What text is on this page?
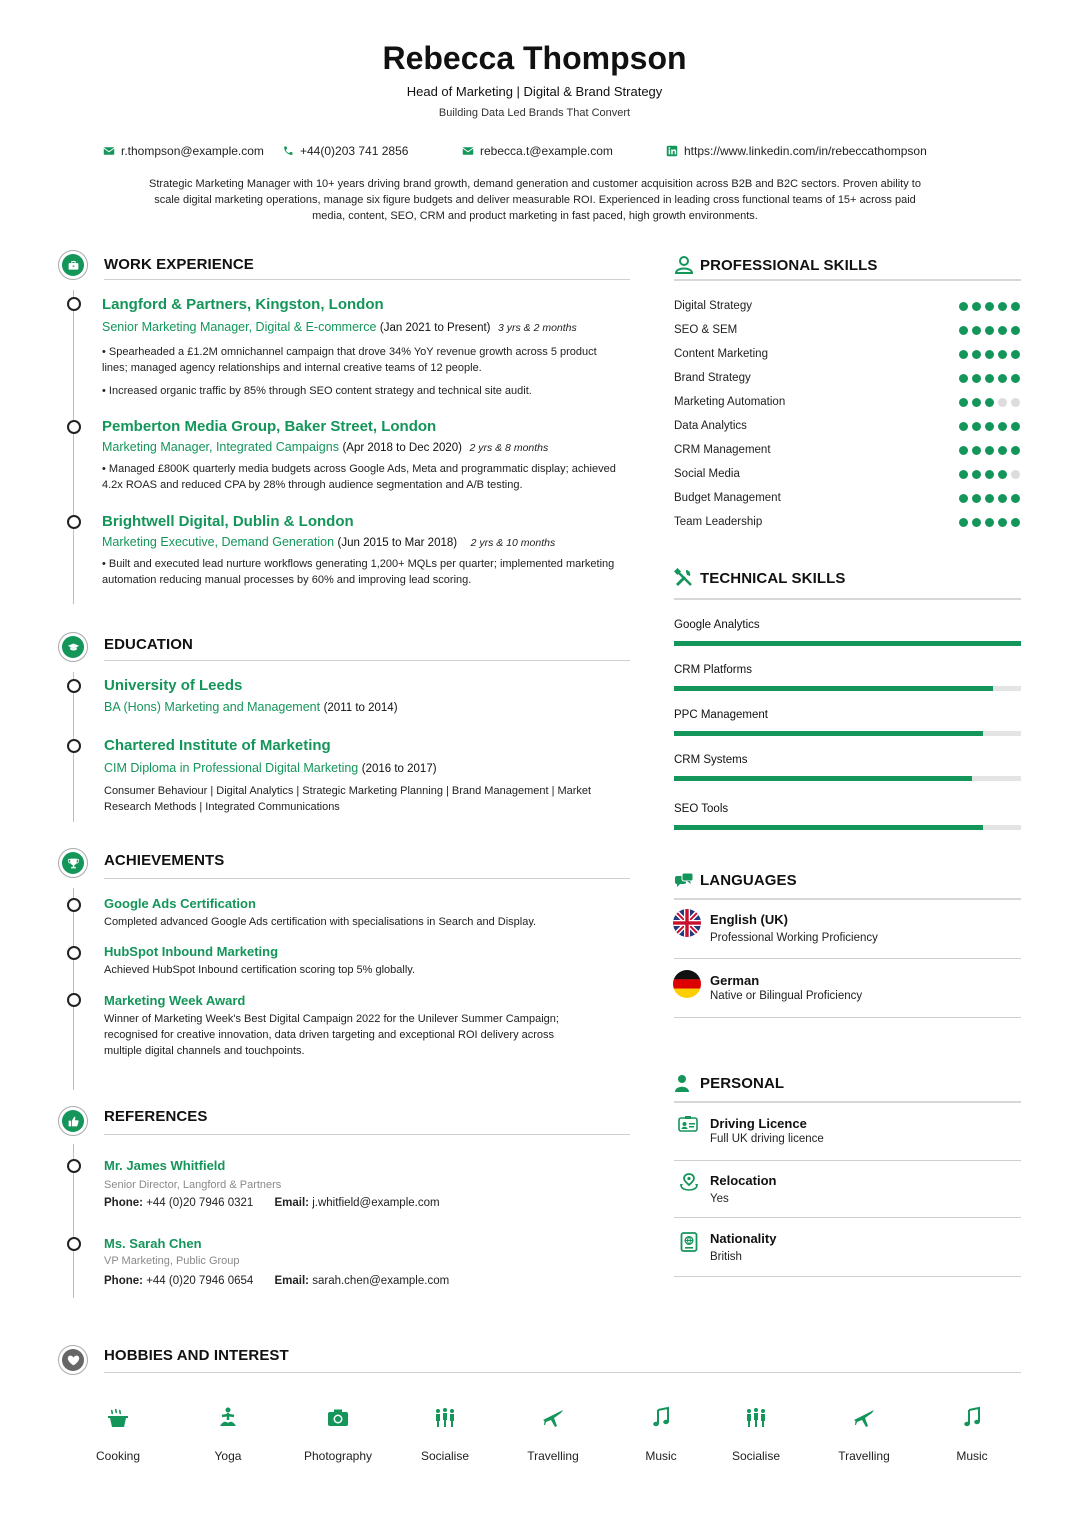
Rebecca Thompson
Head of Marketing | Digital & Brand Strategy
Building Data Led Brands That Convert
r.thompson@example.com	+44(0)203 741 2856	rebecca.t@example.com	https://www.linkedin.com/in/rebeccathompson
Strategic Marketing Manager with 10+ years driving brand growth, demand generation and customer acquisition across B2B and B2C sectors. Proven ability to scale digital marketing operations, manage six figure budgets and deliver measurable ROI. Experienced in leading cross functional teams of 15+ across paid media, content, SEO, CRM and product marketing in fast paced, high growth environments.
WORK EXPERIENCE
Langford & Partners, Kingston, London
Senior Marketing Manager, Digital & E-commerce (Jan 2021 to Present) 3 yrs & 2 months
• Spearheaded a £1.2M omnichannel campaign that drove 34% YoY revenue growth across 5 product lines; managed agency relationships and internal creative teams of 12 people.
• Increased organic traffic by 85% through SEO content strategy and technical site audit.
Pemberton Media Group, Baker Street, London
Marketing Manager, Integrated Campaigns (Apr 2018 to Dec 2020) 2 yrs & 8 months
• Managed £800K quarterly media budgets across Google Ads, Meta and programmatic display; achieved 4.2x ROAS and reduced CPA by 28% through audience segmentation and A/B testing.
Brightwell Digital, Dublin & London
Marketing Executive, Demand Generation (Jun 2015 to Mar 2018) 2 yrs & 10 months
• Built and executed lead nurture workflows generating 1,200+ MQLs per quarter; implemented marketing automation reducing manual processes by 60% and improving lead scoring.
EDUCATION
University of Leeds
BA (Hons) Marketing and Management (2011 to 2014)
Chartered Institute of Marketing
CIM Diploma in Professional Digital Marketing (2016 to 2017)
Consumer Behaviour | Digital Analytics | Strategic Marketing Planning | Brand Management | Market Research Methods | Integrated Communications
ACHIEVEMENTS
Google Ads Certification
Completed advanced Google Ads certification with specialisations in Search and Display.
HubSpot Inbound Marketing
Achieved HubSpot Inbound certification scoring top 5% globally.
Marketing Week Award
Winner of Marketing Week's Best Digital Campaign 2022 for the Unilever Summer Campaign; recognised for creative innovation, data driven targeting and exceptional ROI delivery across multiple digital channels and touchpoints.
REFERENCES
Mr. James Whitfield
Senior Director, Langford & Partners
Phone: +44 (0)20 7946 0321 Email: j.whitfield@example.com
Ms. Sarah Chen
VP Marketing, Public Group
Phone: +44 (0)20 7946 0654 Email: sarah.chen@example.com
PROFESSIONAL SKILLS
Digital Strategy
SEO & SEM
Content Marketing
Brand Strategy
Marketing Automation
Data Analytics
CRM Management
Social Media
Budget Management
Team Leadership
TECHNICAL SKILLS
Google Analytics
CRM Platforms
PPC Management
CRM Systems
SEO Tools
LANGUAGES
English (UK)
Professional Working Proficiency
German
Native or Bilingual Proficiency
PERSONAL
Driving Licence
Full UK driving licence
Relocation
Yes
Nationality
British
HOBBIES AND INTEREST
Cooking	Yoga	Photography	Socialise	Travelling	Music	Socialise	Travelling	Music
